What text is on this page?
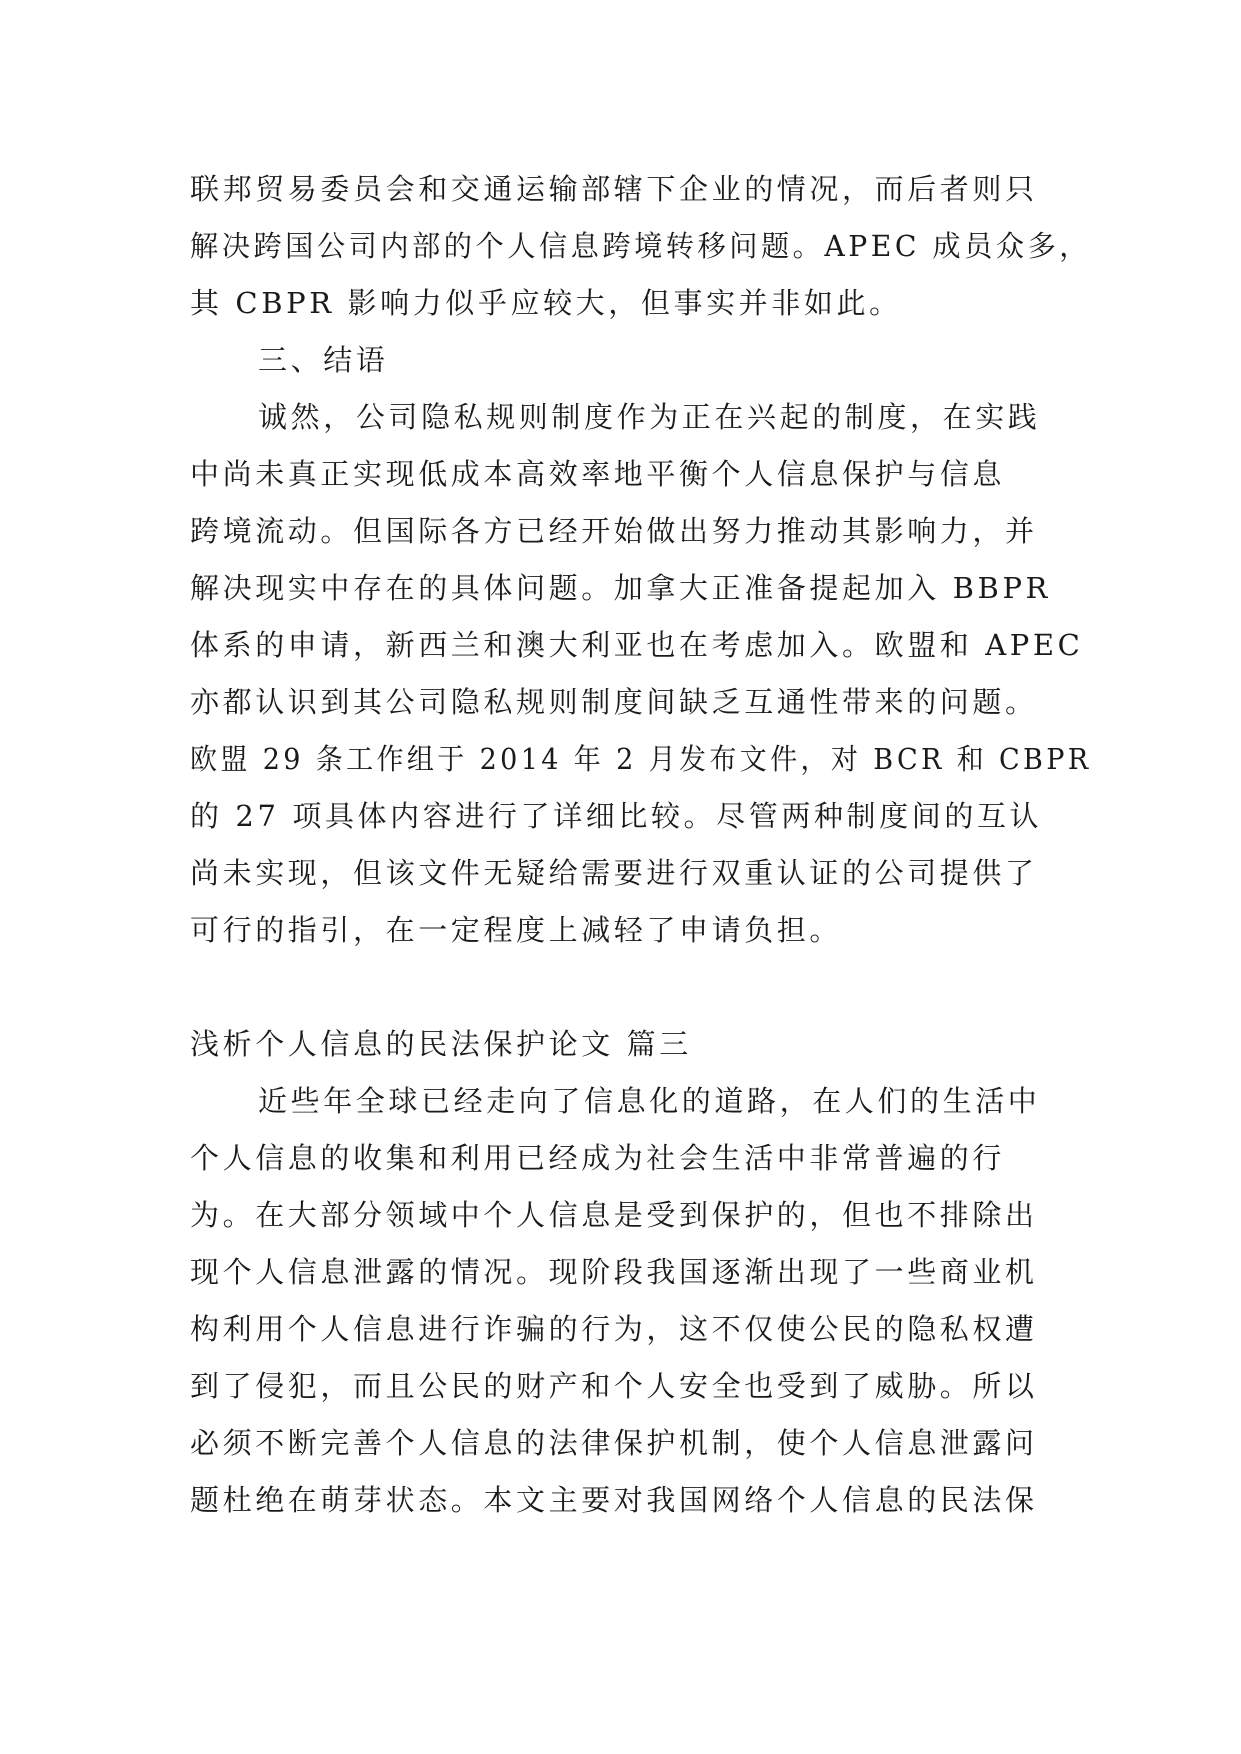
联邦贸易委员会和交通运输部辖下企业的情况，而后者则只
解决跨国公司内部的个人信息跨境转移问题。APEC 成员众多，
其 CBPR 影响力似乎应较大，但事实并非如此。
三、结语
诚然，公司隐私规则制度作为正在兴起的制度，在实践
中尚未真正实现低成本高效率地平衡个人信息保护与信息
跨境流动。但国际各方已经开始做出努力推动其影响力，并
解决现实中存在的具体问题。加拿大正准备提起加入 BBPR
体系的申请，新西兰和澳大利亚也在考虑加入。欧盟和 APEC
亦都认识到其公司隐私规则制度间缺乏互通性带来的问题。
欧盟 29 条工作组于 2014 年 2 月发布文件，对 BCR 和 CBPR
的 27 项具体内容进行了详细比较。尽管两种制度间的互认
尚未实现，但该文件无疑给需要进行双重认证的公司提供了
可行的指引，在一定程度上减轻了申请负担。
浅析个人信息的民法保护论文 篇三
近些年全球已经走向了信息化的道路，在人们的生活中
个人信息的收集和利用已经成为社会生活中非常普遍的行
为。在大部分领域中个人信息是受到保护的，但也不排除出
现个人信息泄露的情况。现阶段我国逐渐出现了一些商业机
构利用个人信息进行诈骗的行为，这不仅使公民的隐私权遭
到了侵犯，而且公民的财产和个人安全也受到了威胁。所以
必须不断完善个人信息的法律保护机制，使个人信息泄露问
题杜绝在萌芽状态。本文主要对我国网络个人信息的民法保
